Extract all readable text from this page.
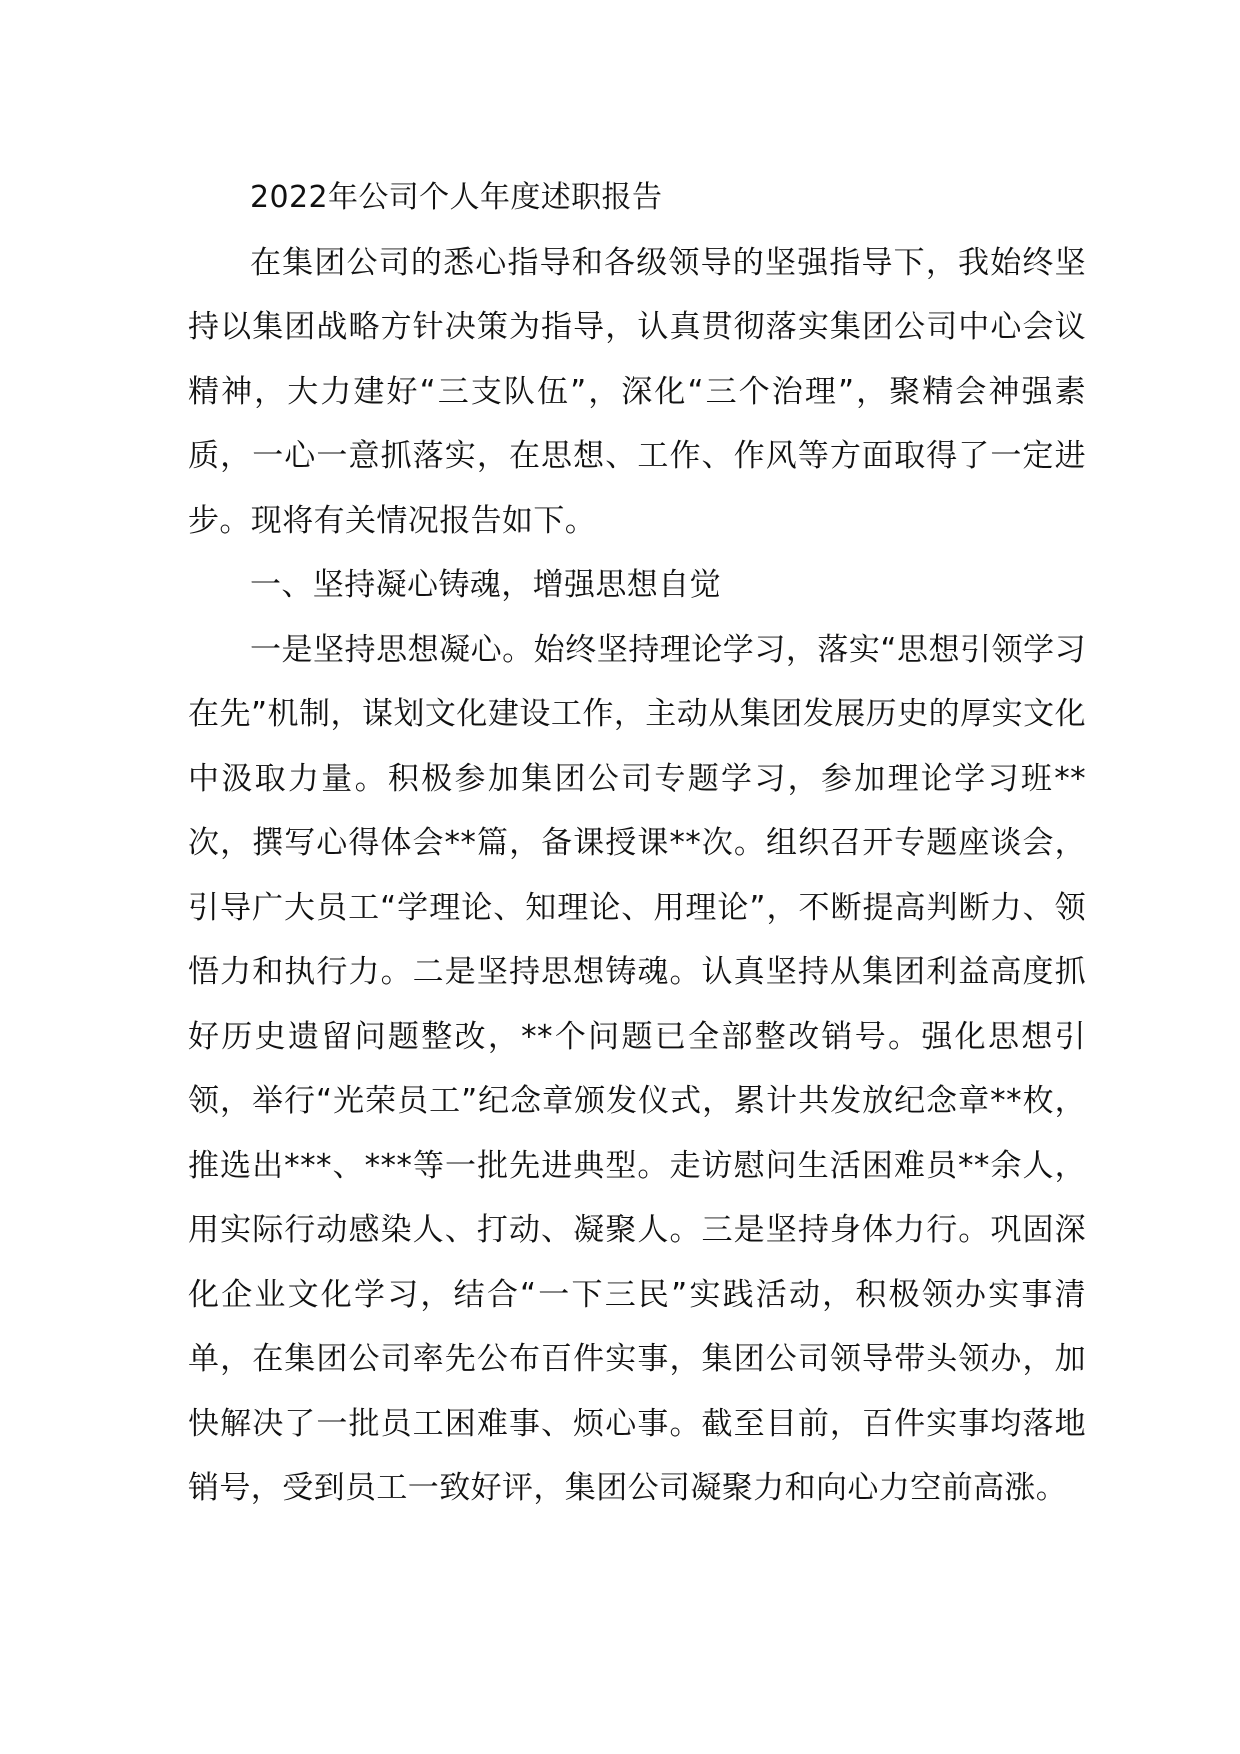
2022年公司个人年度述职报告

在集团公司的悉心指导和各级领导的坚强指导下，我始终坚持以集团战略方针决策为指导，认真贯彻落实集团公司中心会议精神，大力建好“三支队伍”，深化“三个治理”，聚精会神强素质，一心一意抓落实，在思想、工作、作风等方面取得了一定进步。现将有关情况报告如下。

一、坚持凝心铸魂，增强思想自觉

一是坚持思想凝心。始终坚持理论学习，落实“思想引领学习在先”机制，谋划文化建设工作，主动从集团发展历史的厚实文化中汲取力量。积极参加集团公司专题学习，参加理论学习班**次，撰写心得体会**篇，备课授课**次。组织召开专题座谈会，引导广大员工“学理论、知理论、用理论”，不断提高判断力、领悟力和执行力。二是坚持思想铸魂。认真坚持从集团利益高度抓好历史遗留问题整改，**个问题已全部整改销号。强化思想引领，举行“光荣员工”纪念章颁发仪式，累计共发放纪念章**枚，推选出***、***等一批先进典型。走访慰问生活困难员**余人，用实际行动感染人、打动、凝聚人。三是坚持身体力行。巩固深化企业文化学习，结合“一下三民”实践活动，积极领办实事清单，在集团公司率先公布百件实事，集团公司领导带头领办，加快解决了一批员工困难事、烦心事。截至目前，百件实事均落地销号，受到员工一致好评，集团公司凝聚力和向心力空前高涨。
